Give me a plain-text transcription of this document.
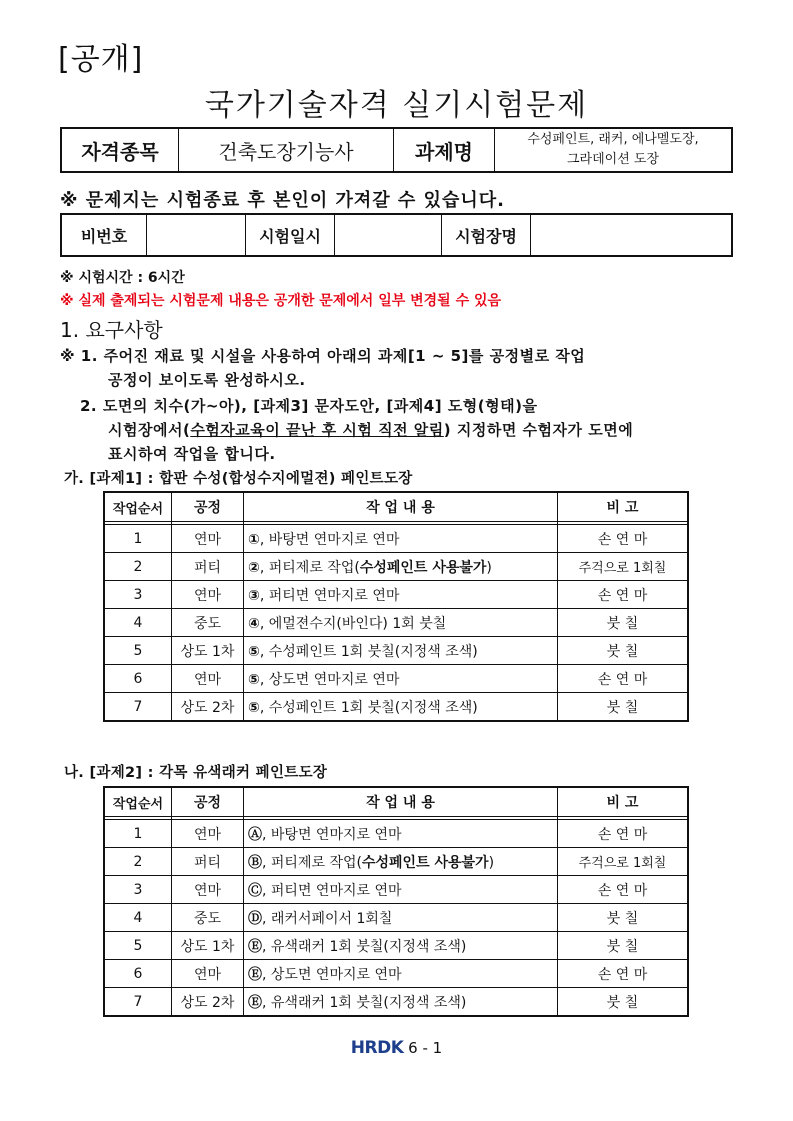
[공개]
국가기술자격 실기시험문제
자격종목	건축도장기능사	과제명	수성페인트, 래커, 에나멜도장,
그라데이션 도장
※ 문제지는 시험종료 후 본인이 가져갈 수 있습니다.
비번호		시험일시		시험장명	
※ 시험시간 : 6시간
※ 실제 출제되는 시험문제 내용은 공개한 문제에서 일부 변경될 수 있음
1. 요구사항
※ 1. 주어진 재료 및 시설을 사용하여 아래의 과제[1 ~ 5]를 공정별로 작업
공정이 보이도록 완성하시오.
2. 도면의 치수(가~아), [과제3] 문자도안, [과제4] 도형(형태)을
시험장에서(수험자교육이 끝난 후 시험 직전 알림) 지정하면 수험자가 도면에
표시하여 작업을 합니다.
가. [과제1] : 합판 수성(합성수지에멀젼) 페인트도장
작업순서	공정	작 업 내 용	비 고

1	연마	①, 바탕면 연마지로 연마	손 연 마
2	퍼티	②, 퍼티제로 작업(수성페인트 사용불가)	주걱으로 1회칠
3	연마	③, 퍼티면 연마지로 연마	손 연 마
4	중도	④, 에멀젼수지(바인다) 1회 붓칠	붓 칠
5	상도 1차	⑤, 수성페인트 1회 붓칠(지정색 조색)	붓 칠
6	연마	⑤, 상도면 연마지로 연마	손 연 마
7	상도 2차	⑤, 수성페인트 1회 붓칠(지정색 조색)	붓 칠
나. [과제2] : 각목 유색래커 페인트도장
작업순서	공정	작 업 내 용	비 고

1	연마	Ⓐ, 바탕면 연마지로 연마	손 연 마
2	퍼티	Ⓑ, 퍼티제로 작업(수성페인트 사용불가)	주걱으로 1회칠
3	연마	Ⓒ, 퍼티면 연마지로 연마	손 연 마
4	중도	Ⓓ, 래커서페이서 1회칠	붓 칠
5	상도 1차	Ⓔ, 유색래커 1회 붓칠(지정색 조색)	붓 칠
6	연마	Ⓔ, 상도면 연마지로 연마	손 연 마
7	상도 2차	Ⓔ, 유색래커 1회 붓칠(지정색 조색)	붓 칠
HRDK 6 - 1
